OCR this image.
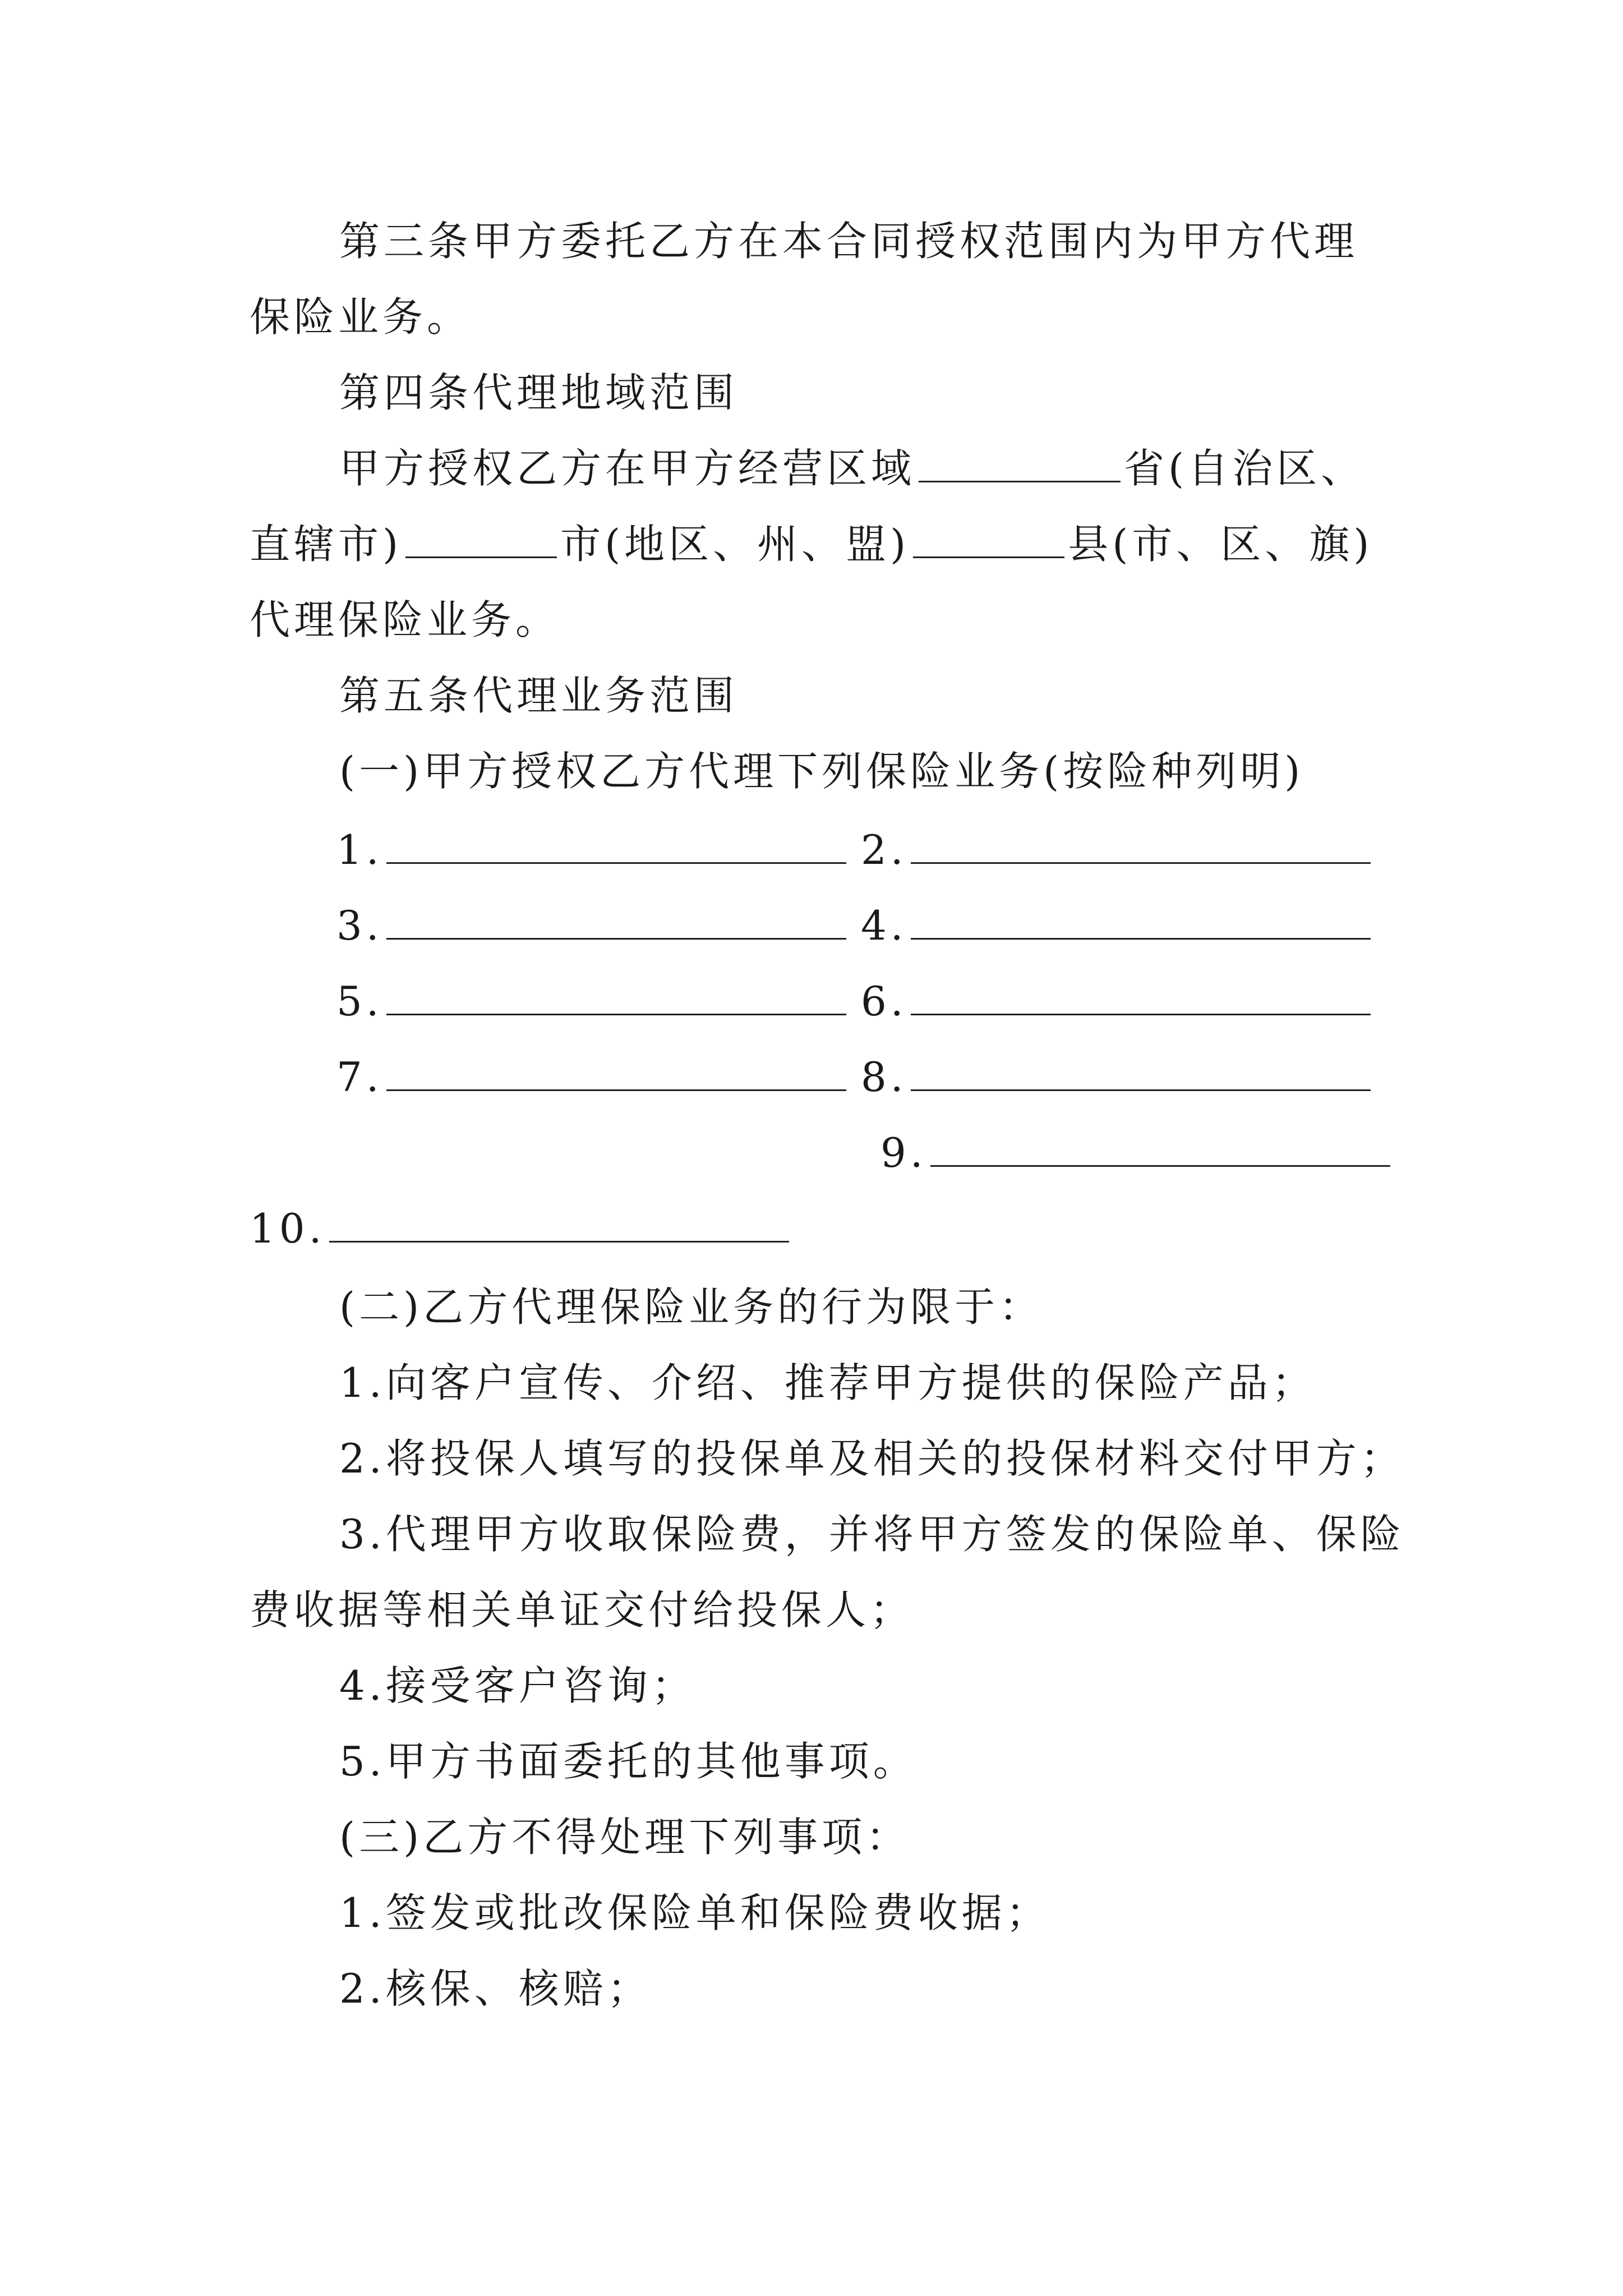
第三条甲方委托乙方在本合同授权范围内为甲方代理
保险业务。
第四条代理地域范围
甲方授权乙方在甲方经营区域	省(自治区、
直辖市)	市(地区、州、盟)	县(市、区、旗)
代理保险业务。
第五条代理业务范围
(一)甲方授权乙方代理下列保险业务(按险种列明)
1.	2.
3.	4.
5.	6.
7.	8.
9.
10.
(二)乙方代理保险业务的行为限于：
1.向客户宣传、介绍、推荐甲方提供的保险产品；
2.将投保人填写的投保单及相关的投保材料交付甲方；
3.代理甲方收取保险费，并将甲方签发的保险单、保险
费收据等相关单证交付给投保人；
4.接受客户咨询；
5.甲方书面委托的其他事项。
(三)乙方不得处理下列事项：
1.签发或批改保险单和保险费收据；
2.核保、核赔；
